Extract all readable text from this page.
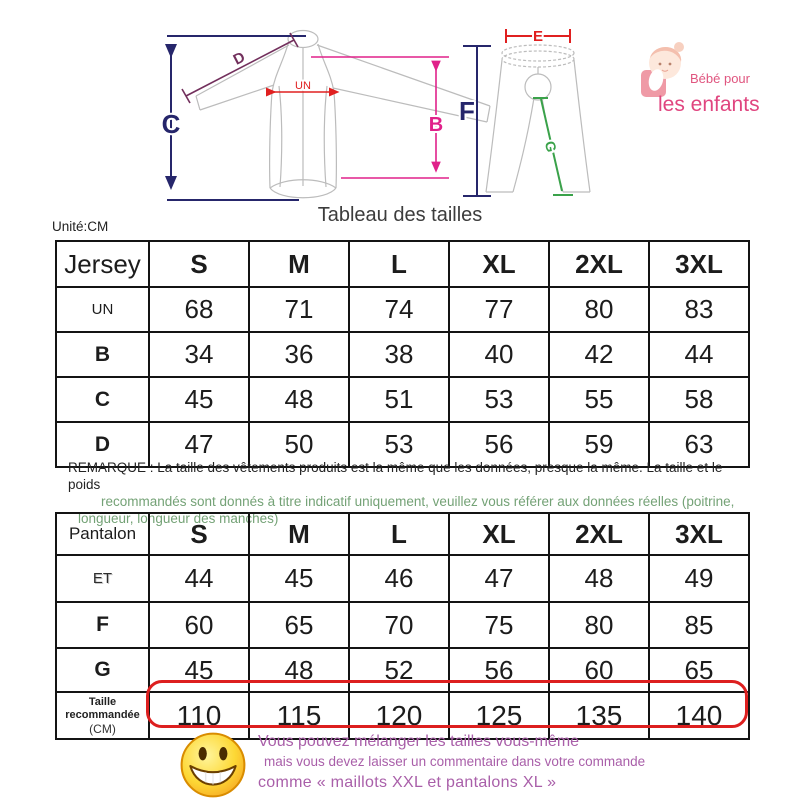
C
D
UN
B
E
F
G
Bébé pour
les enfants
Tableau des tailles
Unité:CM
Jersey	S	M	L	XL	2XL	3XL
UN	68	71	74	77	80	83
B	34	36	38	40	42	44
C	45	48	51	53	55	58
D	47	50	53	56	59	63
REMARQUE : La taille des vêtements produits est la même que les données, presque la même. La taille et le poids
recommandés sont donnés à titre indicatif uniquement, veuillez vous référer aux données réelles (poitrine,
longueur, longueur des manches)
Pantalon	S	M	L	XL	2XL	3XL
ET	44	45	46	47	48	49
F	60	65	70	75	80	85
G	45	48	52	56	60	65

Taille recommandée
(CM)	110	115	120	125	135	140
Vous pouvez mélanger les tailles vous-même
mais vous devez laisser un commentaire dans votre commande
comme « maillots XXL et pantalons XL »
